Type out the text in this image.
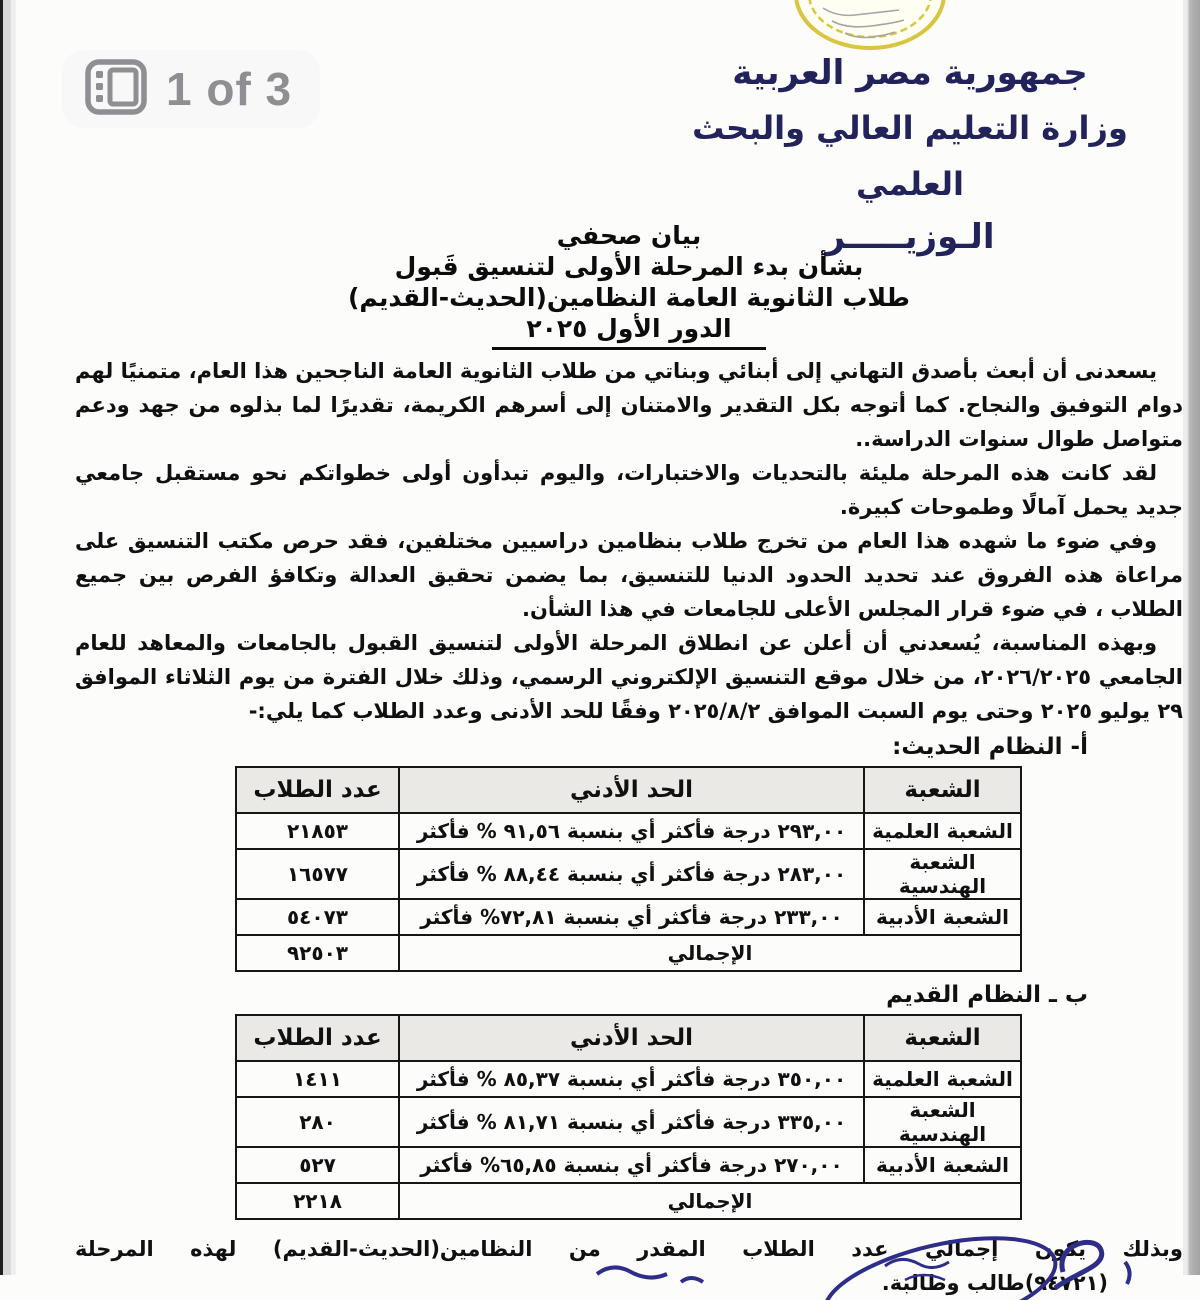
1 of 3	جمهورية مصر العربية
وزارة التعليم العالي والبحث العلمي
الـوزيـــــر
بيان صحفي
بشأن بدء المرحلة الأولى لتنسيق قَبول
طلاب الثانوية العامة النظامين(الحديث-القديم)
الدور الأول ٢٠٢٥

يسعدنى أن أبعث بأصدق التهاني إلى أبنائي وبناتي من طلاب الثانوية العامة الناجحين هذا العام، متمنيًا لهم دوام التوفيق والنجاح. كما أتوجه بكل التقدير والامتنان إلى أسرهم الكريمة، تقديرًا لما بذلوه من جهد ودعم متواصل طوال سنوات الدراسة..

لقد كانت هذه المرحلة مليئة بالتحديات والاختبارات، واليوم تبدأون أولى خطواتكم نحو مستقبل جامعي جديد يحمل آمالًا وطموحات كبيرة.

وفي ضوء ما شهده هذا العام من تخرج طلاب بنظامين دراسيين مختلفين، فقد حرص مكتب التنسيق على مراعاة هذه الفروق عند تحديد الحدود الدنيا للتنسيق، بما يضمن تحقيق العدالة وتكافؤ الفرص بين جميع الطلاب ، في ضوء قرار المجلس الأعلى للجامعات في هذا الشأن.

وبهذه المناسبة، يُسعدني أن أعلن عن انطلاق المرحلة الأولى لتنسيق القبول بالجامعات والمعاهد للعام الجامعي ٢٠٢٦/٢٠٢٥، من خلال موقع التنسيق الإلكتروني الرسمي، وذلك خلال الفترة من يوم الثلاثاء الموافق ٢٩ يوليو ٢٠٢٥ وحتى يوم السبت الموافق ٢٠٢٥/٨/٢ وفقًا للحد الأدنى وعدد الطلاب كما يلي:-

أ- النظام الحديث:
الشعبة	الحد الأدني	عدد الطلاب
الشعبة العلمية	٢٩٣,٠٠ درجة فأكثر أي بنسبة ٩١,٥٦ % فأكثر	٢١٨٥٣
الشعبة الهندسية	٢٨٣,٠٠ درجة فأكثر أي بنسبة ٨٨,٤٤ % فأكثر	١٦٥٧٧
الشعبة الأدبية	٢٣٣,٠٠ درجة فأكثر أي بنسبة ٧٢,٨١% فأكثر	٥٤٠٧٣
الإجمالي		٩٢٥٠٣
ب ـ النظام القديم
الشعبة	الحد الأدني	عدد الطلاب
الشعبة العلمية	٣٥٠,٠٠ درجة فأكثر أي بنسبة ٨٥,٣٧ % فأكثر	١٤١١
الشعبة الهندسية	٣٣٥,٠٠ درجة فأكثر أي بنسبة ٨١,٧١ % فأكثر	٢٨٠
الشعبة الأدبية	٢٧٠,٠٠ درجة فأكثر أي بنسبة ٦٥,٨٥% فأكثر	٥٢٧
الإجمالي		٢٢١٨
وبذلك يكون إجمالي عدد الطلاب المقدر من النظامين(الحديث-القديم) لهذه المرحلة
(٩٤٧٢١)طالب وطالبة.
